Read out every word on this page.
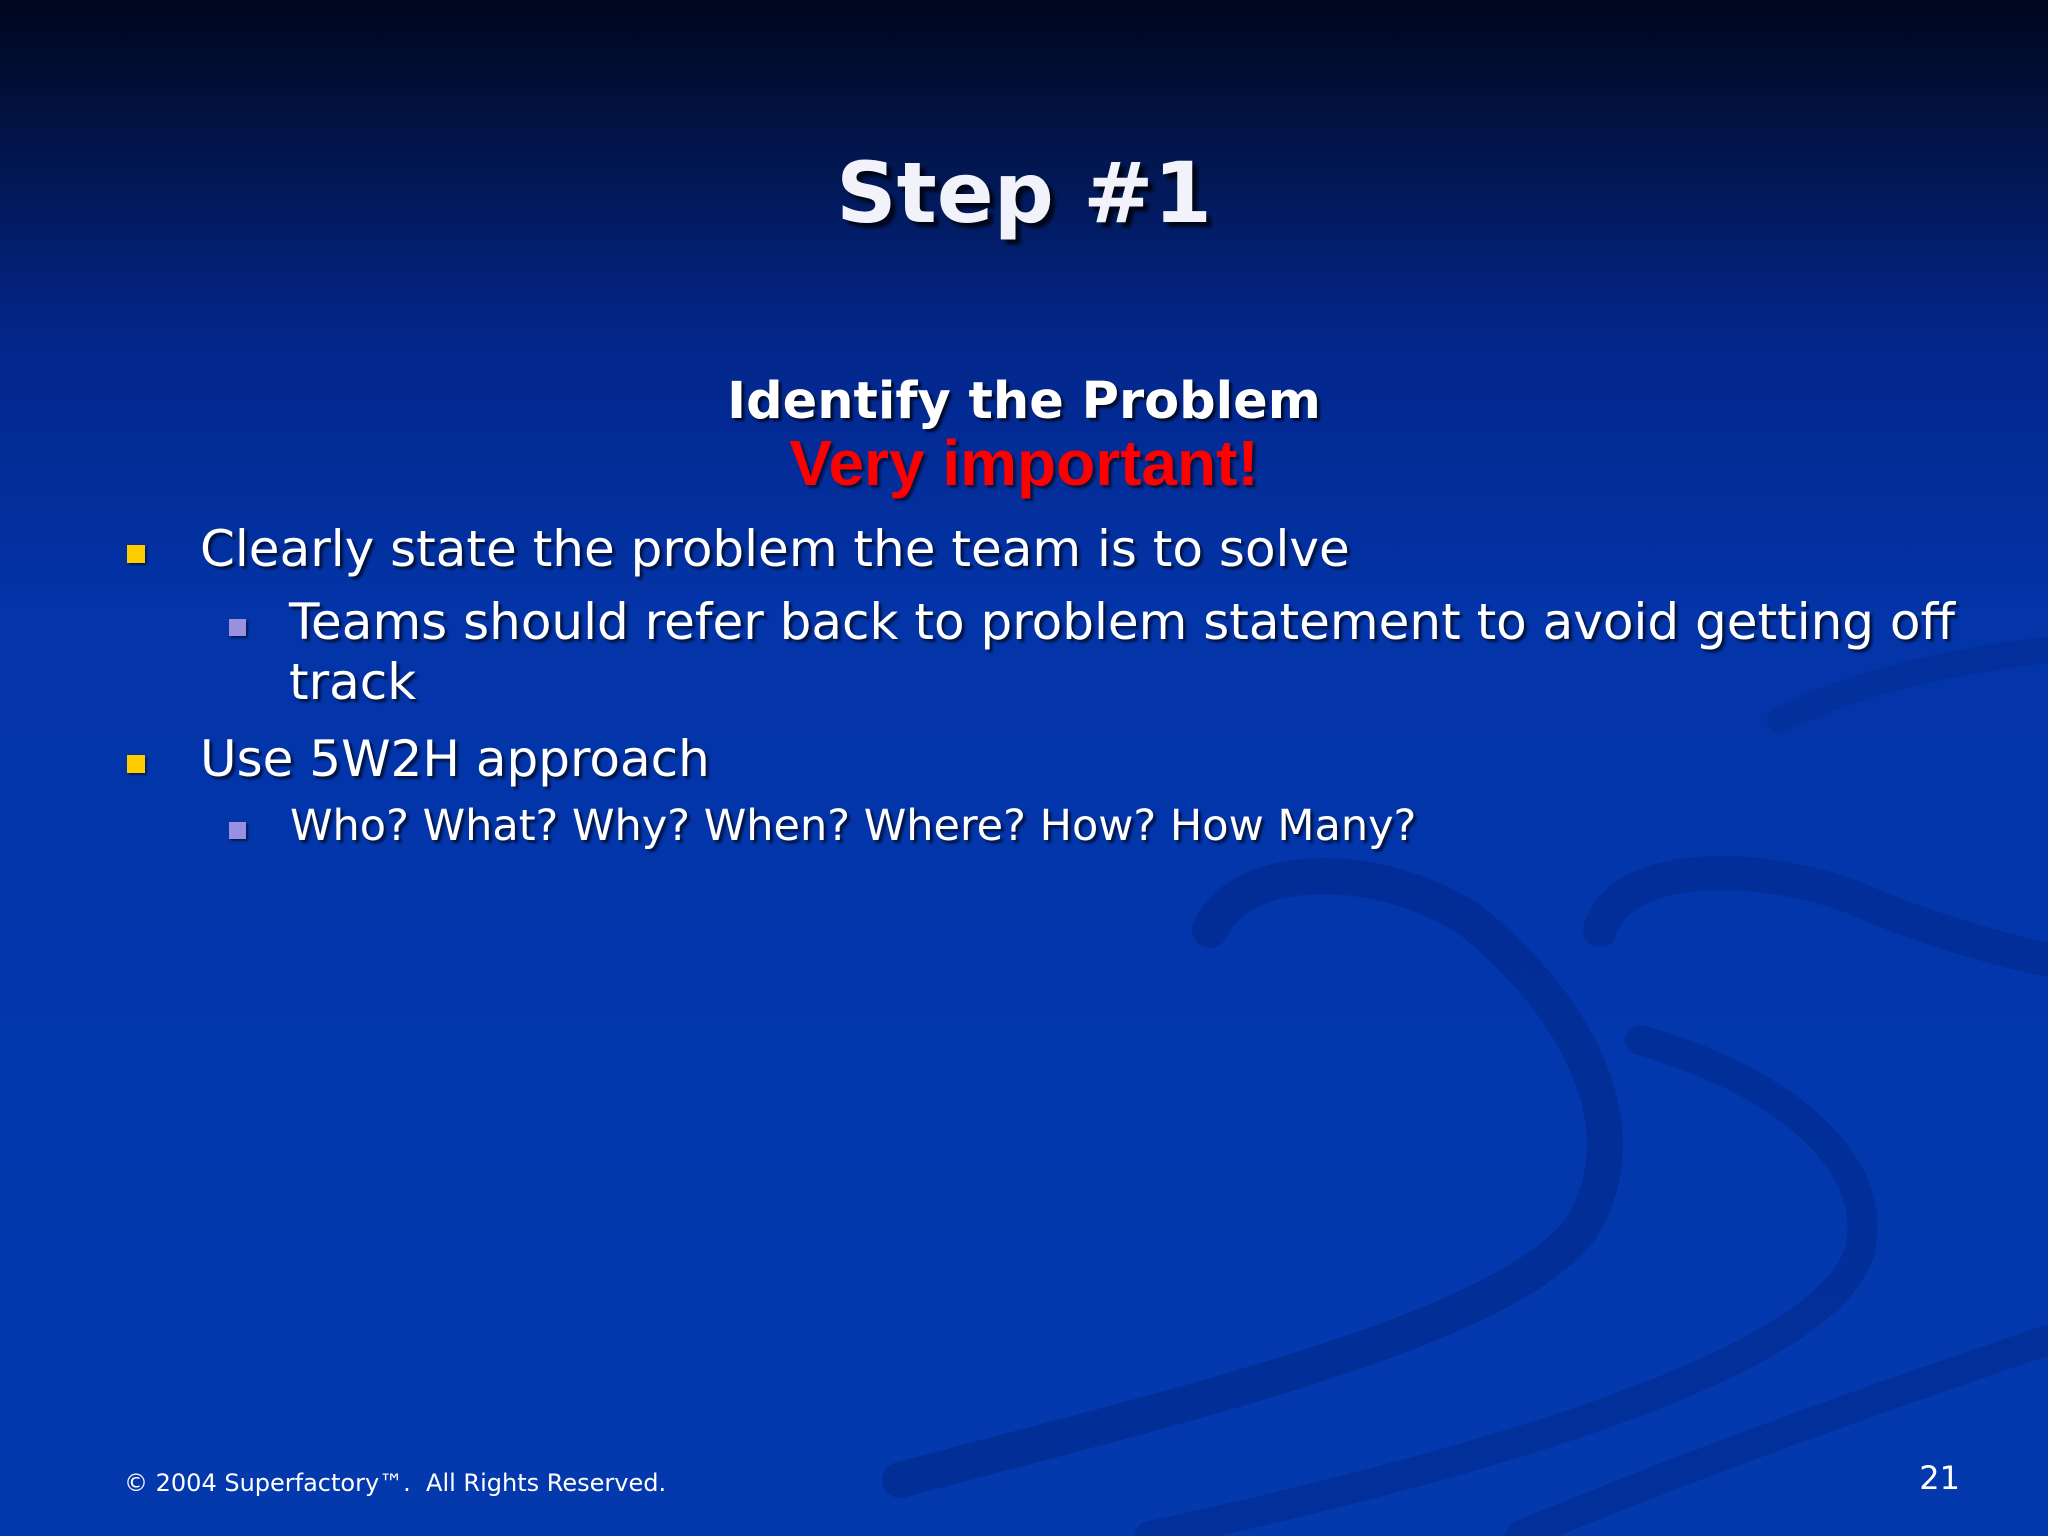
Step #1
Identify the Problem
Very important!
Clearly state the problem the team is to solve
Teams should refer back to problem statement to avoid getting off track
Use 5W2H approach
Who? What? Why? When? Where? How? How Many?
© 2004 Superfactory™.  All Rights Reserved.	21
